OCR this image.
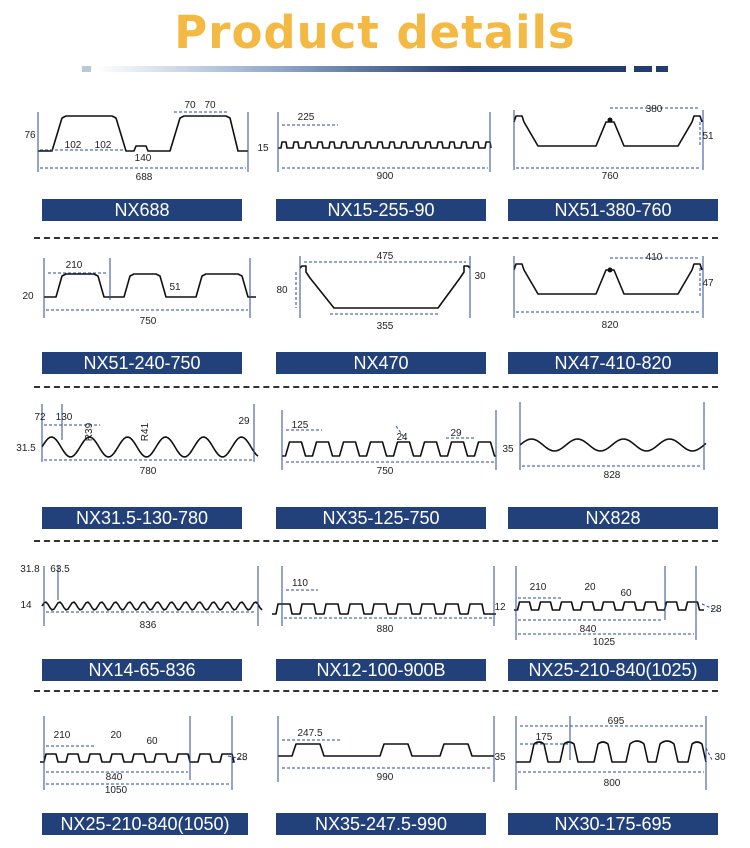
Product details
76
102 102
140
70 70
688
225
15
900
380
51
760
210
20
51
750
475
80
30
355
410
47
820
72 130
R39	R41
29
31.5
780
125
24	29
35
750	828
31.8 63.5
14
836
110
12
880
210	20
60
28
840
1025
210	20
60
28
840
1050
247.5
35
990
695
175
30
800
NX688	NX15-255-90	NX51-380-760
NX51-240-750	NX470	NX47-410-820
NX31.5-130-780	NX35-125-750	NX828
NX14-65-836	NX12-100-900B	NX25-210-840(1025)
NX25-210-840(1050)	NX35-247.5-990	NX30-175-695
